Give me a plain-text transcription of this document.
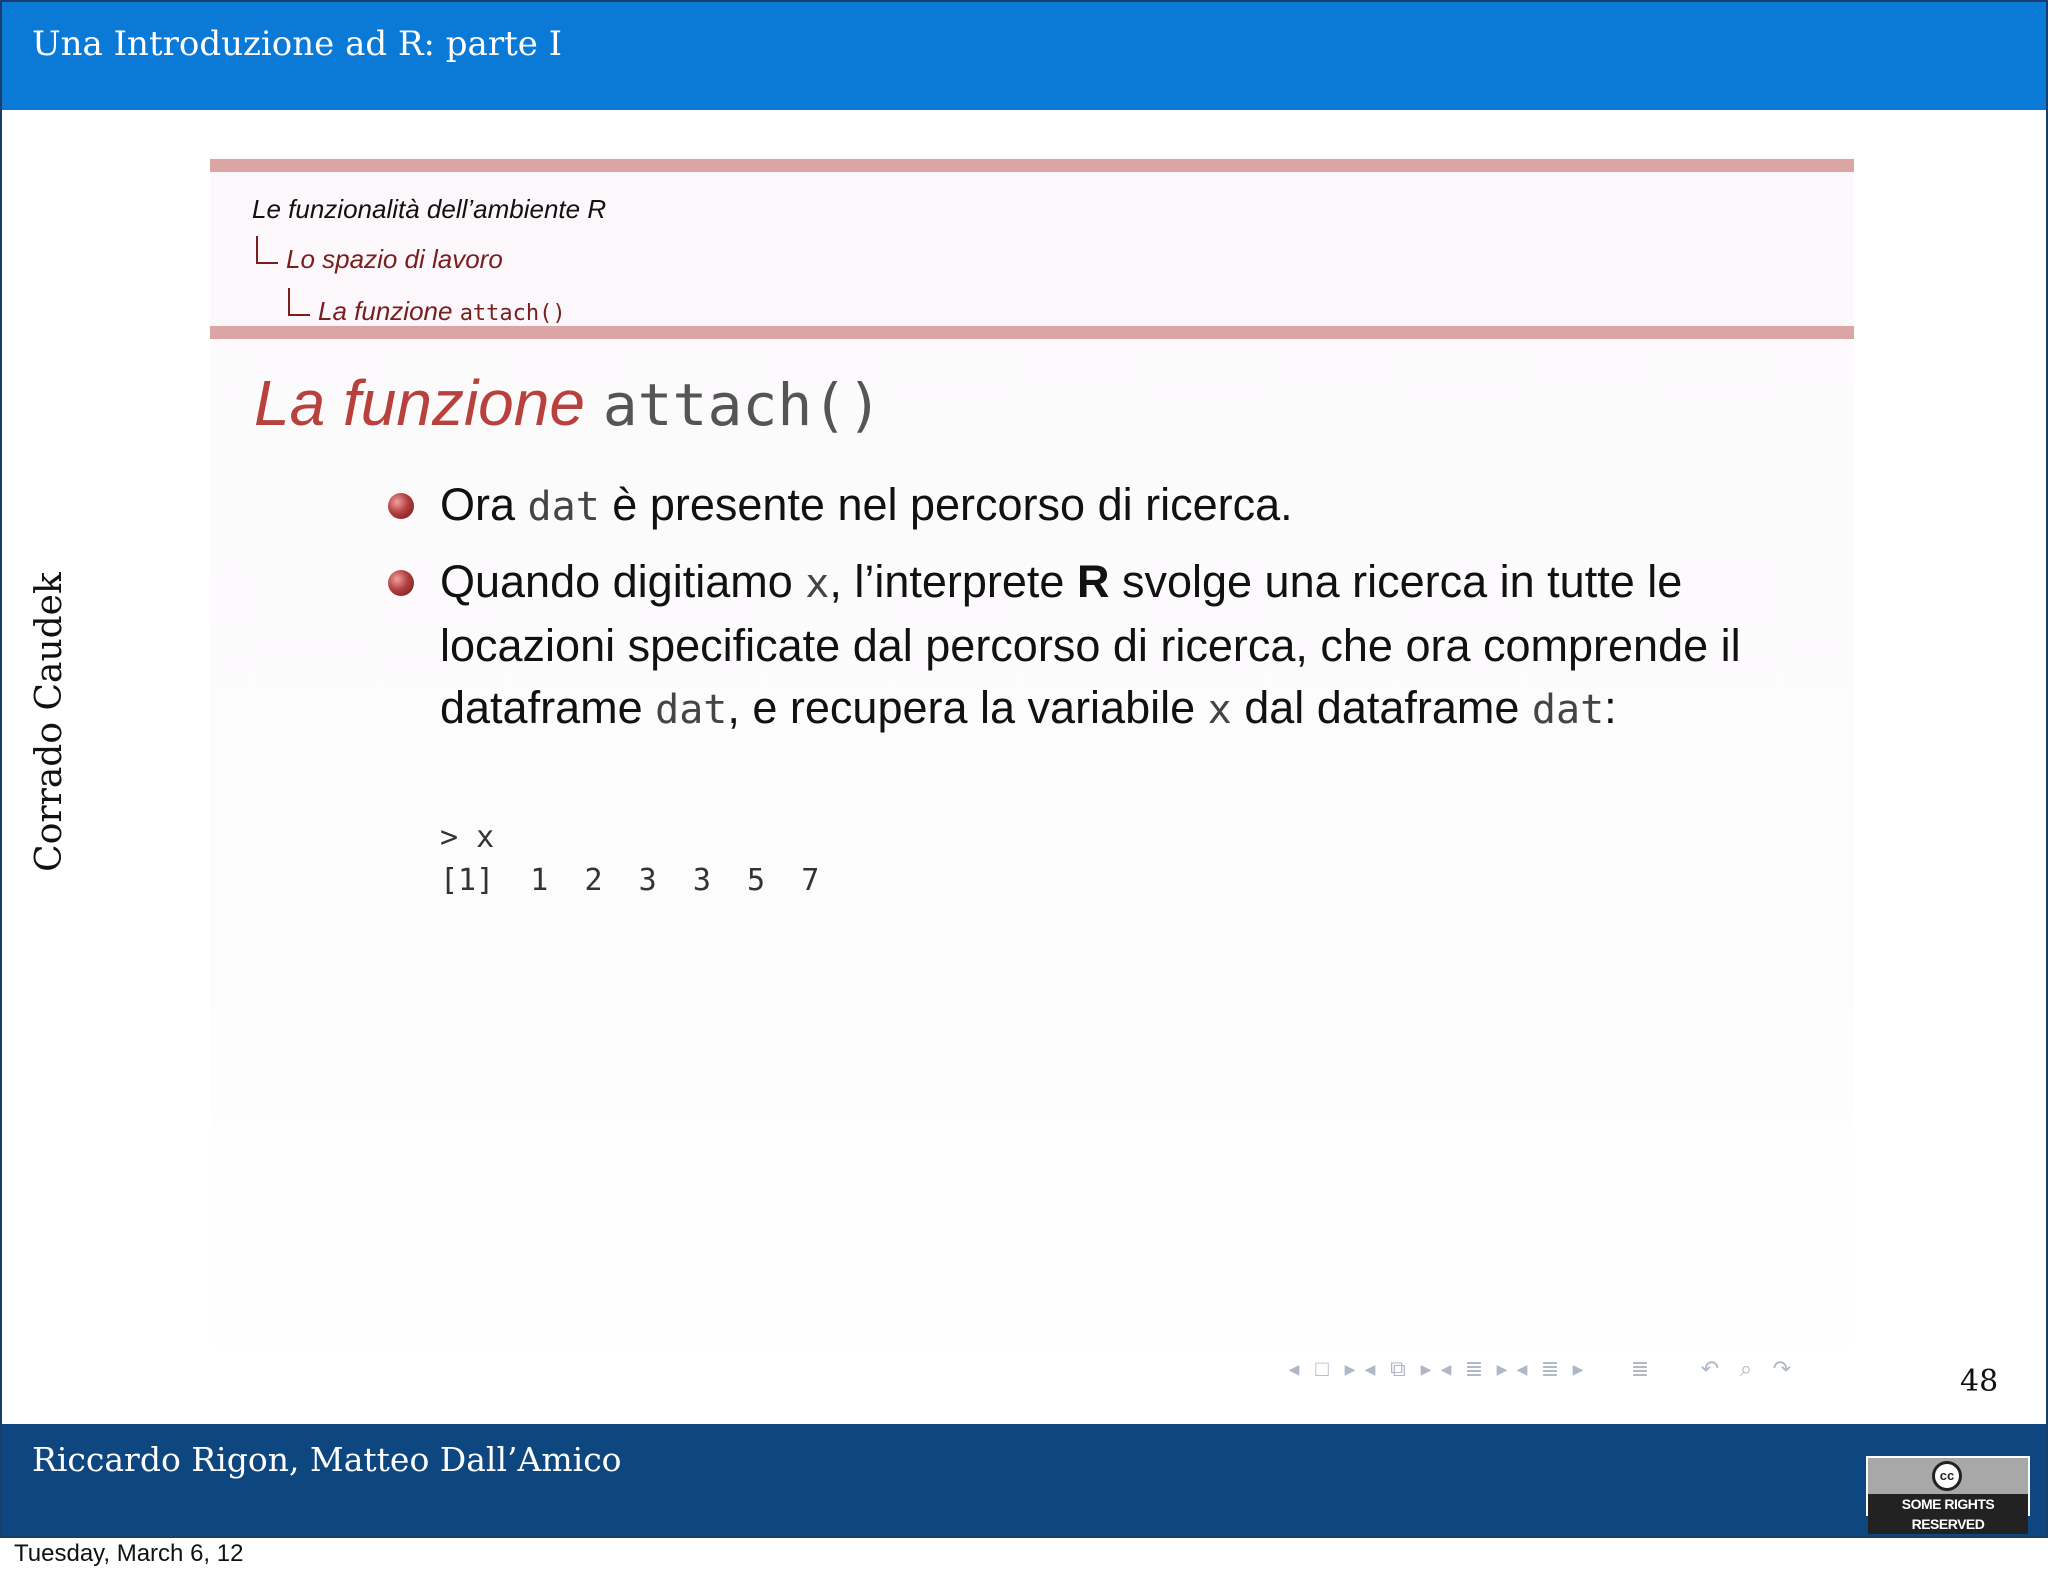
Una Introduzione ad R: parte I
Corrado Caudek
Le funzionalità dell’ambiente R
Lo spazio di lavoro
La funzione attach()
La funzione attach()
Ora dat è presente nel percorso di ricerca.
Quando digitiamo x, l’interprete R svolge una ricerca in tutte le locazioni specificate dal percorso di ricerca, che ora comprende il dataframe dat, e recupera la variabile x dal dataframe dat:
> x
[1]  1  2  3  3  5  7
◀ □	▶ ◀ ⧉	▶ ◀ ≣ ▶ ◀ ≣ ▶	≣	↶ ⌕ ↷	48
Riccardo Rigon, Matteo Dall’Amico	cc
SOME RIGHTS RESERVED
Tuesday, March 6, 12
